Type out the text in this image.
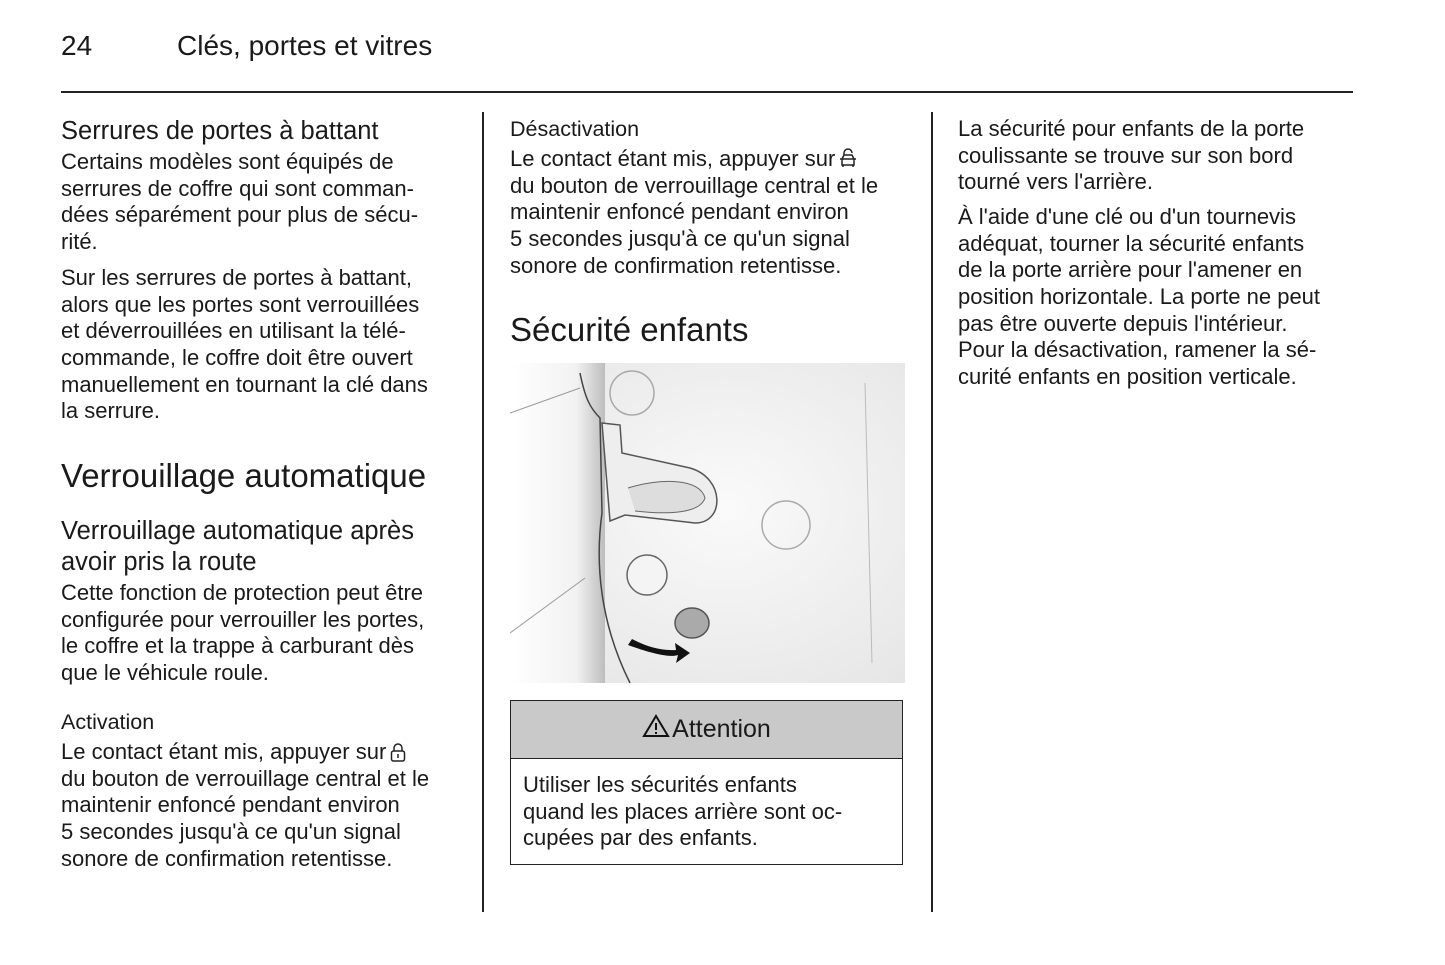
24	Clés, portes et vitres
Serrures de portes à battant
Certains modèles sont équipés de
serrures de coffre qui sont comman-
dées séparément pour plus de sécu-
rité.
Sur les serrures de portes à battant,
alors que les portes sont verrouillées
et déverrouillées en utilisant la télé-
commande, le coffre doit être ouvert
manuellement en tournant la clé dans
la serrure.
Verrouillage automatique
Verrouillage automatique après
avoir pris la route
Cette fonction de protection peut être
configurée pour verrouiller les portes,
le coffre et la trappe à carburant dès
que le véhicule roule.
Activation
Le contact étant mis, appuyer sur
du bouton de verrouillage central et le
maintenir enfoncé pendant environ
5 secondes jusqu'à ce qu'un signal
sonore de confirmation retentisse.
Désactivation
Le contact étant mis, appuyer sur
du bouton de verrouillage central et le
maintenir enfoncé pendant environ
5 secondes jusqu'à ce qu'un signal
sonore de confirmation retentisse.
Sécurité enfants
Attention
Utiliser les sécurités enfants
quand les places arrière sont oc-
cupées par des enfants.
La sécurité pour enfants de la porte
coulissante se trouve sur son bord
tourné vers l'arrière.
À l'aide d'une clé ou d'un tournevis
adéquat, tourner la sécurité enfants
de la porte arrière pour l'amener en
position horizontale. La porte ne peut
pas être ouverte depuis l'intérieur.
Pour la désactivation, ramener la sé-
curité enfants en position verticale.
